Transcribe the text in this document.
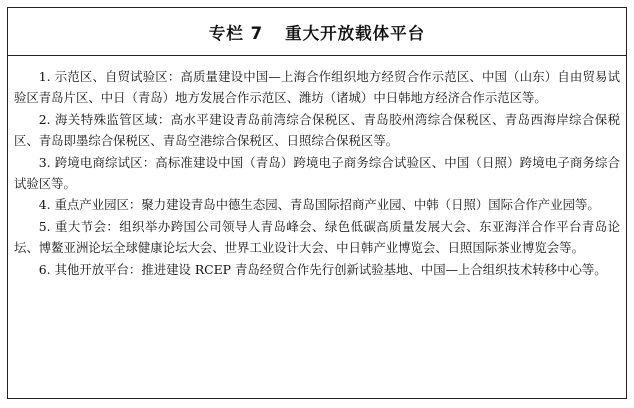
专栏 7 重大开放载体平台

1. 示范区、自贸试验区：高质量建设中国—上海合作组织地方经贸合作示范区、中国（山东）自由贸易试验区青岛片区、中日（青岛）地方发展合作示范区、潍坊（诸城）中日韩地方经济合作示范区等。

2. 海关特殊监管区域：高水平建设青岛前湾综合保税区、青岛胶州湾综合保税区、青岛西海岸综合保税区、青岛即墨综合保税区、青岛空港综合保税区、日照综合保税区等。

3. 跨境电商综试区：高标准建设中国（青岛）跨境电子商务综合试验区、中国（日照）跨境电子商务综合试验区等。

4. 重点产业园区：聚力建设青岛中德生态园、青岛国际招商产业园、中韩（日照）国际合作产业园等。

5. 重大节会：组织举办跨国公司领导人青岛峰会、绿色低碳高质量发展大会、东亚海洋合作平台青岛论坛、博鳌亚洲论坛全球健康论坛大会、世界工业设计大会、中日韩产业博览会、日照国际茶业博览会等。

6. 其他开放平台：推进建设 RCEP 青岛经贸合作先行创新试验基地、中国—上合组织技术转移中心等。
